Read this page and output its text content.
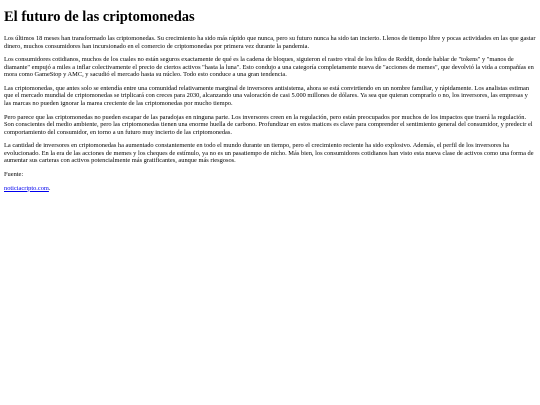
El futuro de las criptomonedas

Los últimos 18 meses han transformado las criptomonedas. Su crecimiento ha sido más rápido que nunca, pero su futuro nunca ha sido tan incierto. Llenos de tiempo libre y pocas actividades en las que gastar dinero, muchos consumidores han incursionado en el comercio de criptomonedas por primera vez durante la pandemia.

Los consumidores cotidianos, muchos de los cuales no están seguros exactamente de qué es la cadena de bloques, siguieron el rastro viral de los hilos de Reddit, donde hablar de "tokens" y "manos de diamante" empujó a miles a inflar colectivamente el precio de ciertos activos "hasta la luna". Esto condujo a una categoría completamente nueva de "acciones de memes", que devolvió la vida a compañías en mora como GameStop y AMC, y sacudió el mercado hasta su núcleo. Todo esto conduce a una gran tendencia.

Las criptomonedas, que antes solo se entendía entre una comunidad relativamente marginal de inversores antisistema, ahora se está convirtiendo en un nombre familiar, y rápidamente. Los analistas estiman que el mercado mundial de criptomonedas se triplicará con creces para 2030, alcanzando una valoración de casi 5.000 millones de dólares. Ya sea que quieran comprarlo o no, los inversores, las empresas y las marcas no pueden ignorar la marea creciente de las criptomonedas por mucho tiempo.

Pero parece que las criptomonedas no pueden escapar de las paradojas en ninguna parte. Los inversores creen en la regulación, pero están preocupados por muchos de los impactos que traerá la regulación. Son conscientes del medio ambiente, pero las criptomonedas tienen una enorme huella de carbono. Profundizar en estos matices es clave para comprender el sentimiento general del consumidor, y predecir el comportamiento del consumidor, en torno a un futuro muy incierto de las criptomonedas.

La cantidad de inversores en criptomonedas ha aumentado constantemente en todo el mundo durante un tiempo, pero el crecimiento reciente ha sido explosivo. Además, el perfil de los inversores ha evolucionado. En la era de las acciones de memes y los cheques de estímulo, ya no es un pasatiempo de nicho. Más bien, los consumidores cotidianos han visto esta nueva clase de activos como una forma de aumentar sus carteras con activos potencialmente más gratificantes, aunque más riesgosos.

Fuente:

noticiacripto.com.
